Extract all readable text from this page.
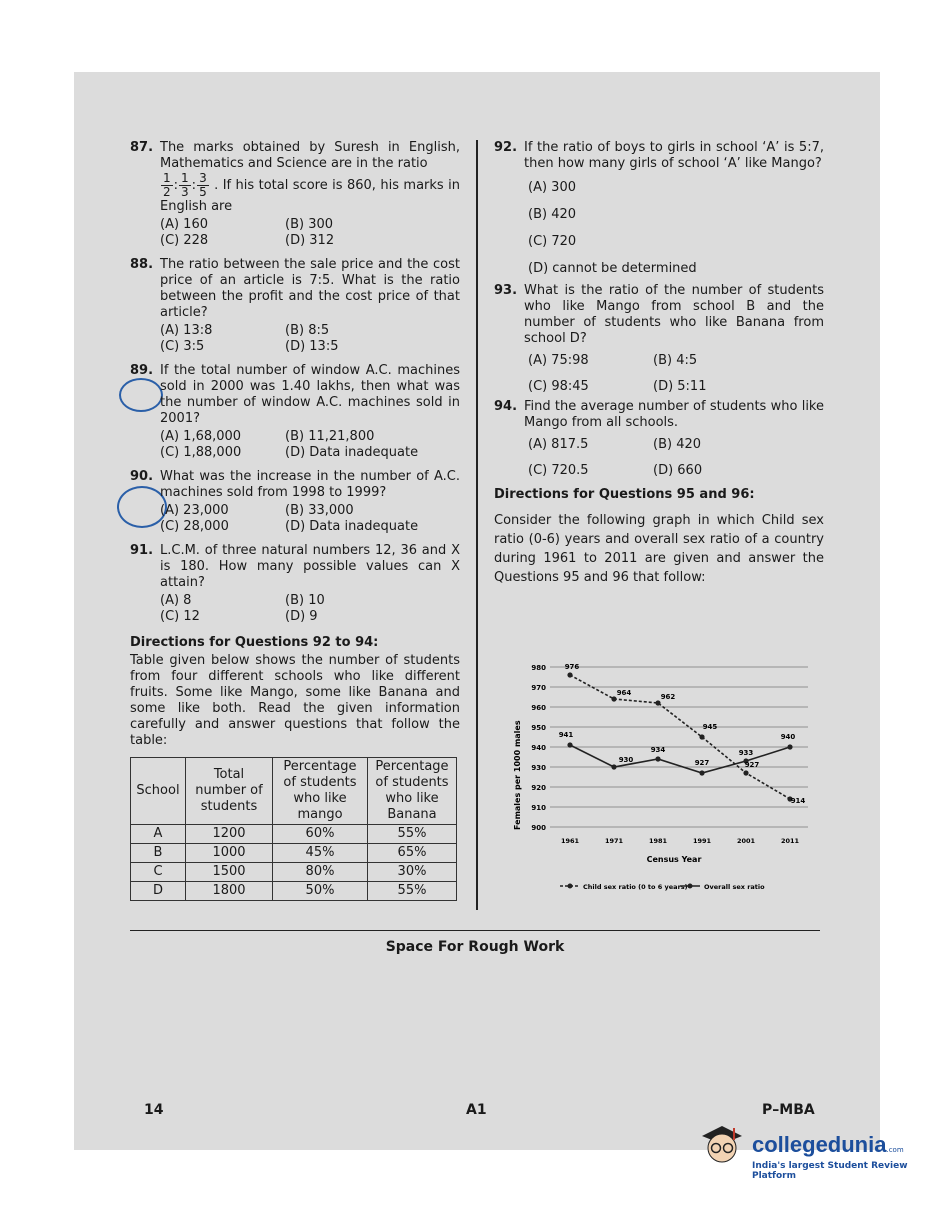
87. The marks obtained by Suresh in English, Mathematics and Science are in the ratio

$\frac{1}{2}$ : $\frac{1}{3}$ : $\frac{3}{5}$ . If his total score is 860, his marks in English are
(A) 160	(B) 300
(C) 228	(D) 312
88. The ratio between the sale price and the cost price of an article is 7:5. What is the ratio between the profit and the cost price of that article?
(A) 13:8	(B) 8:5
(C) 3:5	(D) 13:5
89. If the total number of window A.C. machines sold in 2000 was 1.40 lakhs, then what was the number of window A.C. machines sold in 2001?
(A) 1,68,000	(B) 11,21,800
(C) 1,88,000	(D) Data inadequate
90. What was the increase in the number of A.C. machines sold from 1998 to 1999?
(A) 23,000	(B) 33,000
(C) 28,000	(D) Data inadequate
91. L.C.M. of three natural numbers 12, 36 and X is 180. How many possible values can X attain?
(A) 8	(B) 10
(C) 12	(D) 9
Directions for Questions 92 to 94:
Table given below shows the number of students from four different schools who like different fruits. Some like Mango, some like Banana and some like both. Read the given information carefully and answer questions that follow the table:
School	Total number of students	Percentage of students who like mango	Percentage of students who like Banana
A	1200	60%	55%
B	1000	45%	65%
C	1500	80%	30%
D	1800	50%	55%
92. If the ratio of boys to girls in school ‘A’ is 5:7, then how many girls of school ‘A’ like Mango?
(A) 300
(B) 420
(C) 720
(D) cannot be determined
93. What is the ratio of the number of students who like Mango from school B and the number of students who like Banana from school D?
(A) 75:98	(B) 4:5
(C) 98:45	(D) 5:11
94. Find the average number of students who like Mango from all schools.
(A) 817.5	(B) 420
(C) 720.5	(D) 660
Directions for Questions 95 and 96:
Consider the following graph in which Child sex ratio (0-6) years and overall sex ratio of a country during 1961 to 2011 are given and answer the Questions 95 and 96 that follow:
980
970
960
950
940
930
920
910
900
1961	1971	1981	1991	2001	2011
976
964	962
945
927
914
941
930
934
927
933
940
Females per 1000 males
Census Year
Child sex ratio (0 to 6 years)	Overall sex ratio
Space For Rough Work
14	A1	P–MBA
collegedunia.com
India's largest Student Review Platform
